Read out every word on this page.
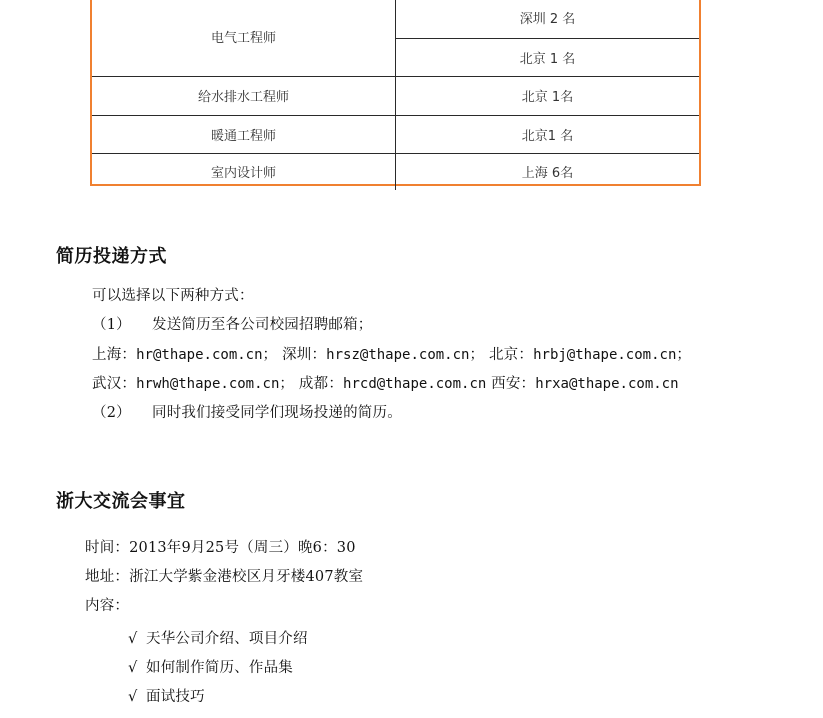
电气工程师	深圳 2 名
	北京 1 名
给水排水工程师	北京 1名
暖通工程师	北京1 名
室内设计师	上海 6名
简历投递方式

可以选择以下两种方式：

（1） 发送简历至各公司校园招聘邮箱；

上海：hr@thape.com.cn； 深圳：hrsz@thape.com.cn； 北京：hrbj@thape.com.cn；

武汉：hrwh@thape.com.cn； 成都：hrcd@thape.com.cn 西安：hrxa@thape.com.cn

（2） 同时我们接受同学们现场投递的简历。

浙大交流会事宜

时间：2013年9月25号（周三）晚6：30

地址：浙江大学紫金港校区月牙楼407教室

内容：

√ 天华公司介绍、项目介绍

√ 如何制作简历、作品集

√ 面试技巧
